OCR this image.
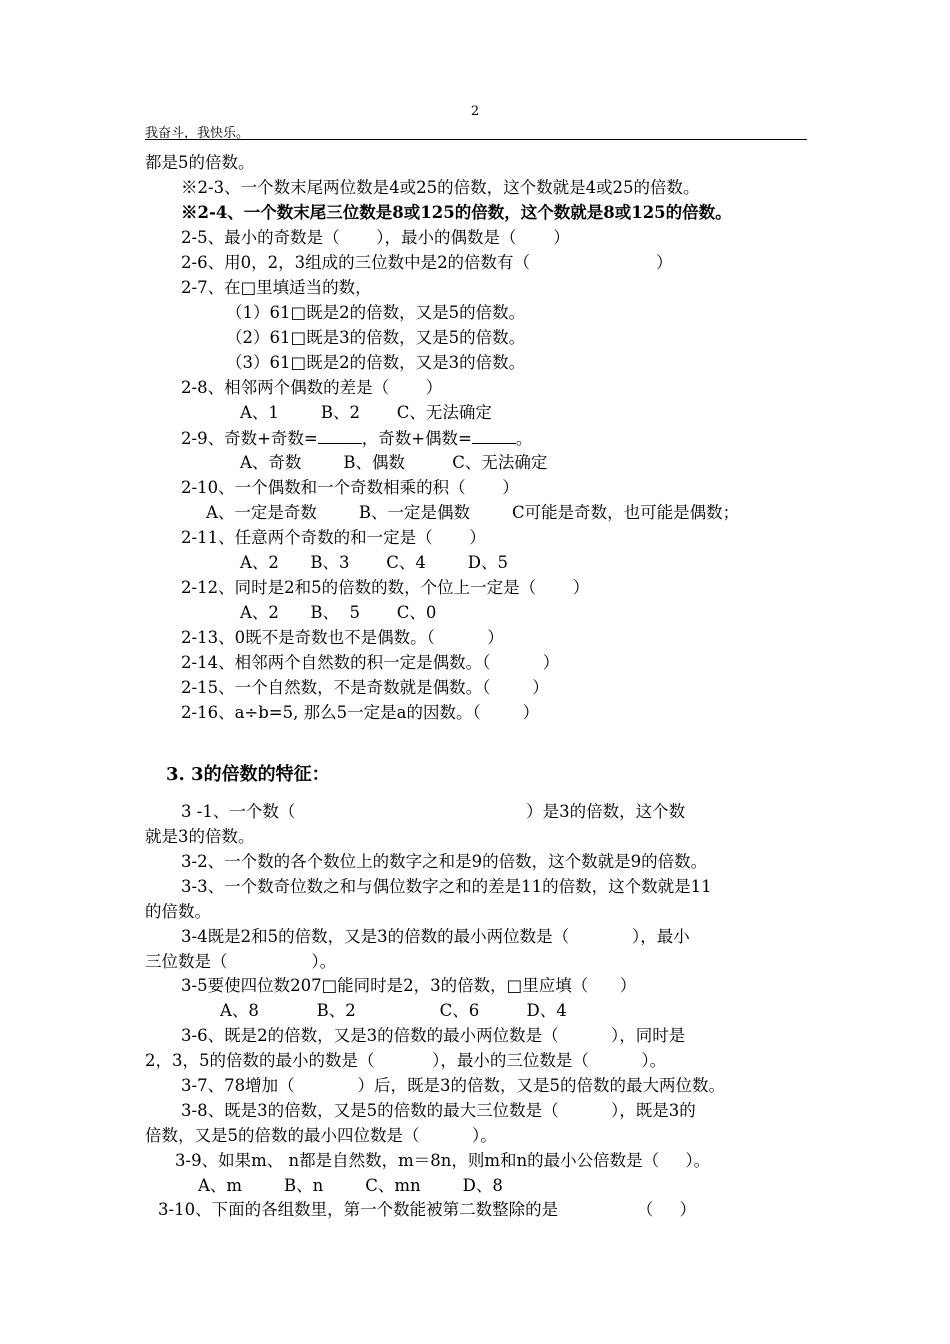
2
我奋斗，我快乐。
都是5的倍数。
※2-3、一个数末尾两位数是4或25的倍数，这个数就是4或25的倍数。
※2-4、一个数末尾三位数是8或125的倍数，这个数就是8或125的倍数。
2-5、最小的奇数是（       ），最小的偶数是（       ）
2-6、用0，2，3组成的三位数中是2的倍数有（                        ）
2-7、在□里填适当的数，
（1）61□既是2的倍数，又是5的倍数。
（2）61□既是3的倍数，又是5的倍数。
（3）61□既是2的倍数，又是3的倍数。
2-8、相邻两个偶数的差是（       ）
A、1        B、2       C、无法确定
2-9、奇数+奇数=	，奇数+偶数=	。
A、奇数        B、偶数         C、无法确定
2-10、一个偶数和一个奇数相乘的积（       ）
A、一定是奇数        B、一定是偶数        C可能是奇数，也可能是偶数；
2-11、任意两个奇数的和一定是（       ）
A、2      B、3       C、4        D、5
2-12、同时是2和5的倍数的数，个位上一定是（       ）
A、2      B、  5       C、0
2-13、0既不是奇数也不是偶数。（          ）
2-14、相邻两个自然数的积一定是偶数。（          ）
2-15、一个自然数，不是奇数就是偶数。（        ）
2-16、a÷b=5, 那么5一定是a的因数。（        ）
3. 3的倍数的特征：
3 -1、一个数（                                            ）是3的倍数，这个数
就是3的倍数。
3-2、一个数的各个数位上的数字之和是9的倍数，这个数就是9的倍数。
3-3、一个数奇位数之和与偶位数字之和的差是11的倍数，这个数就是11
的倍数。
3-4既是2和5的倍数，又是3的倍数的最小两位数是（            ），最小
三位数是（                ）。
3-5要使四位数207□能同时是2，3的倍数，□里应填（      ）
A、8           B、2                C、6         D、4
3-6、既是2的倍数，又是3的倍数的最小两位数是（          ），同时是
2，3，5的倍数的最小的数是（           ），最小的三位数是（          ）。
3-7、78增加（            ）后，既是3的倍数，又是5的倍数的最大两位数。
3-8、既是3的倍数，又是5的倍数的最大三位数是（          ），既是3的
倍数，又是5的倍数的最小四位数是（          ）。
3-9、如果m、 n都是自然数，m＝8n，则m和n的最小公倍数是（     ）。
A、m        B、n        C、mn        D、8
3-10、下面的各组数里，第一个数能被第二数整除的是               （     ）
